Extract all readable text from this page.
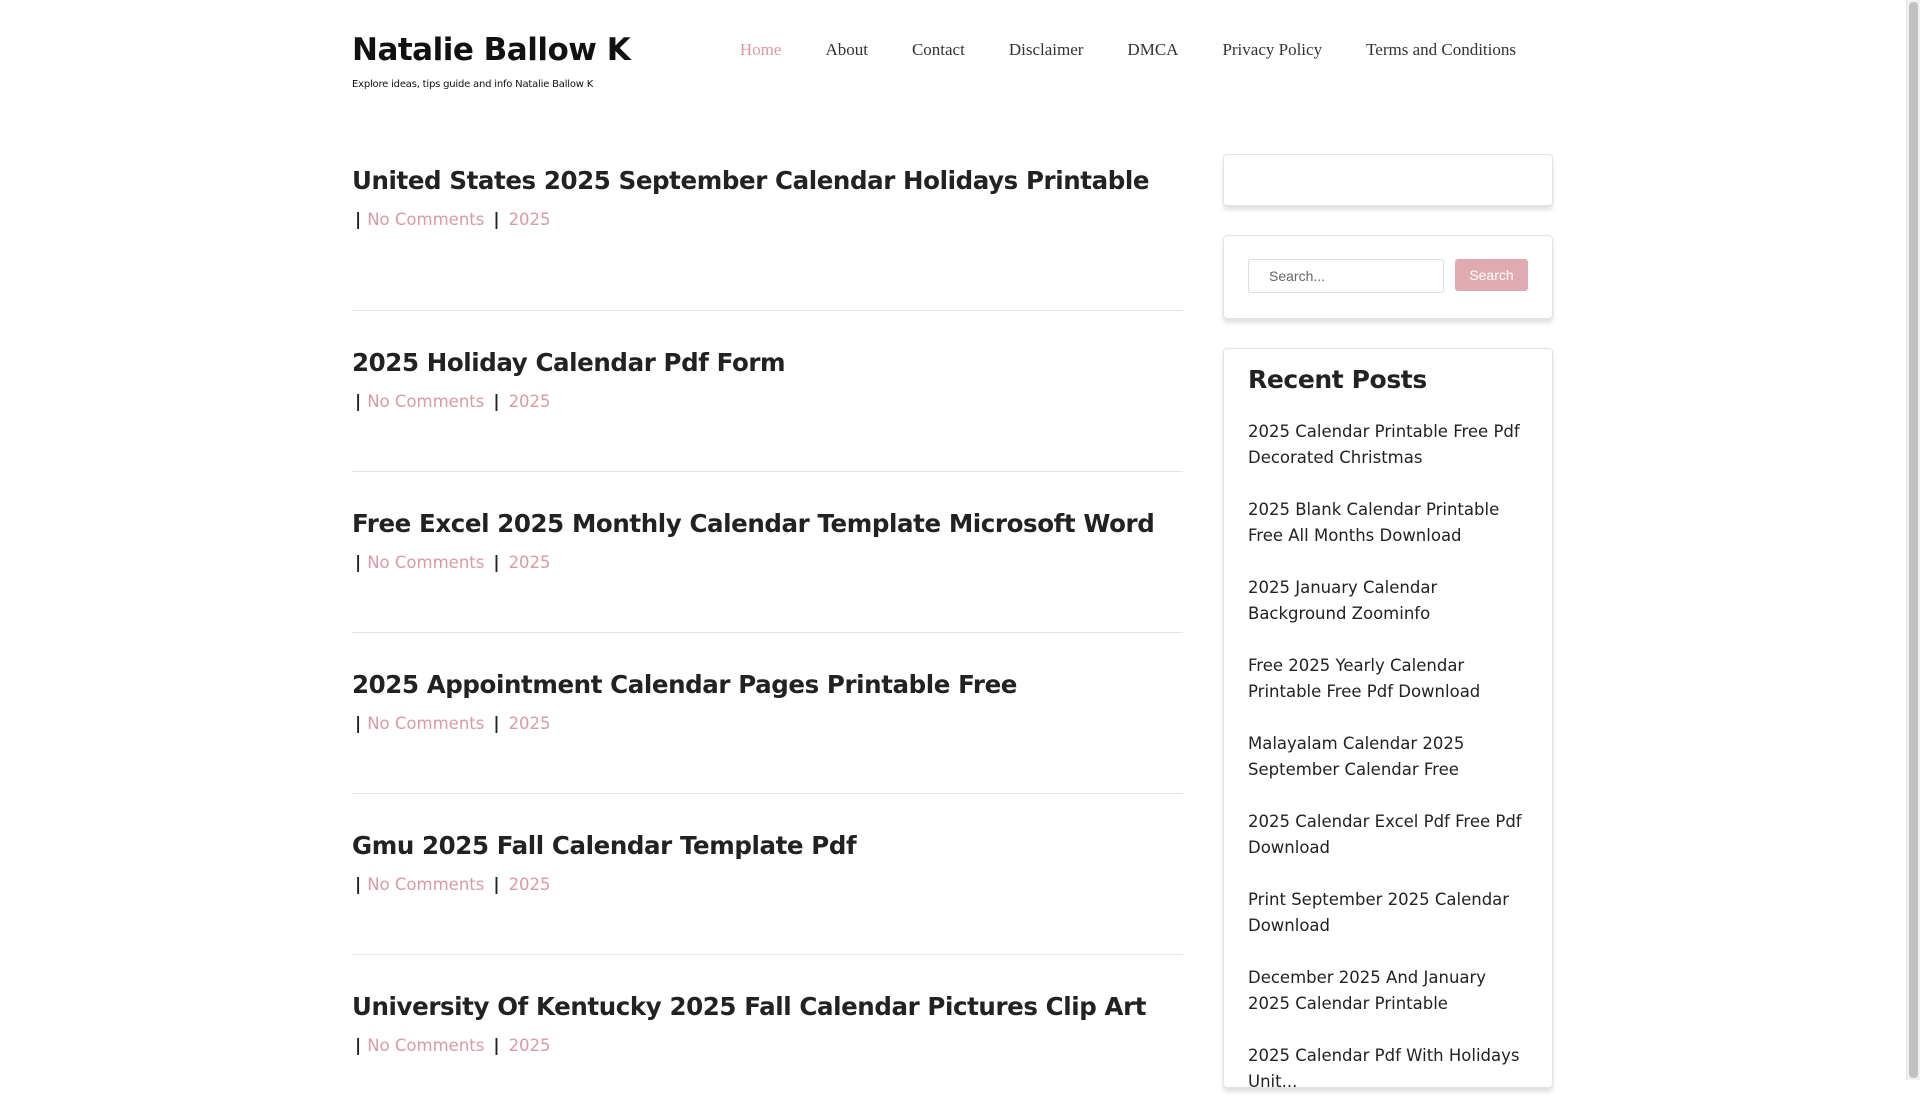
Natalie Ballow K
Explore ideas, tips guide and info Natalie Ballow K
Home	About	Contact	Disclaimer	DMCA	Privacy Policy	Terms and Conditions
United States 2025 September Calendar Holidays Printable
| No Comments | 2025
2025 Holiday Calendar Pdf Form
| No Comments | 2025
Free Excel 2025 Monthly Calendar Template Microsoft Word
| No Comments | 2025
2025 Appointment Calendar Pages Printable Free
| No Comments | 2025
Gmu 2025 Fall Calendar Template Pdf
| No Comments | 2025
University Of Kentucky 2025 Fall Calendar Pictures Clip Art
| No Comments | 2025
Search...
Search
Recent Posts
2025 Calendar Printable Free Pdf Decorated Christmas
2025 Blank Calendar Printable Free All Months Download
2025 January Calendar Background Zoominfo
Free 2025 Yearly Calendar Printable Free Pdf Download
Malayalam Calendar 2025 September Calendar Free
2025 Calendar Excel Pdf Free Pdf Download
Print September 2025 Calendar Download
December 2025 And January 2025 Calendar Printable
2025 Calendar Pdf With Holidays Unit...
